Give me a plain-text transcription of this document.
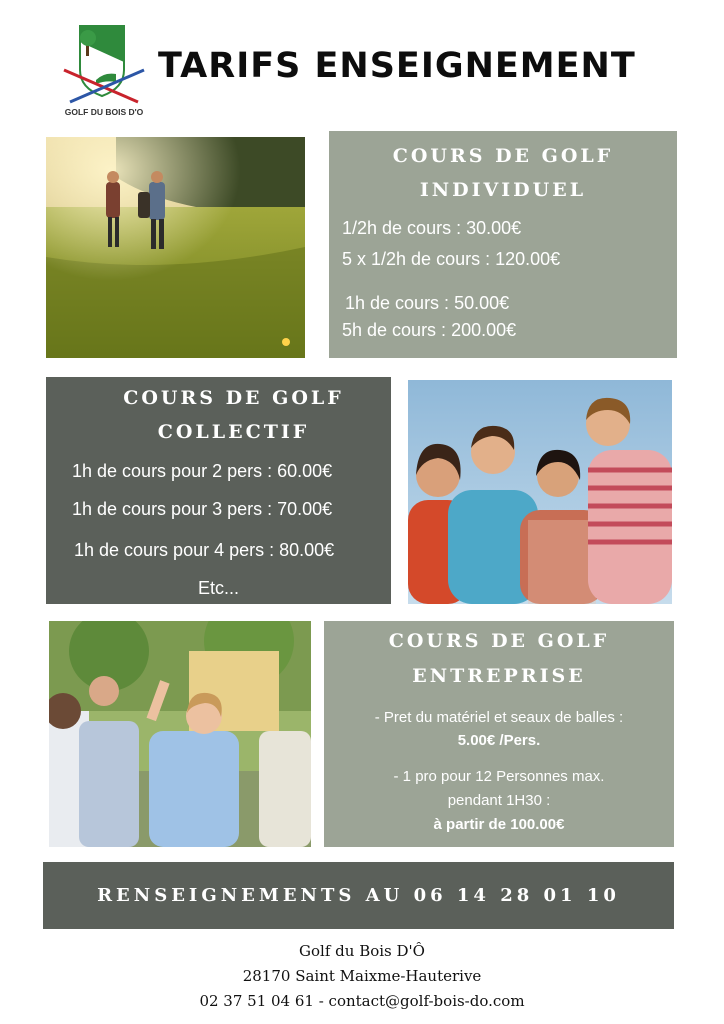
GOLF DU BOIS D'O
TARIFS ENSEIGNEMENT
COURS DE GOLF
INDIVIDUEL
1/2h de cours : 30.00€
5 x 1/2h de cours : 120.00€
1h de cours : 50.00€
5h de cours : 200.00€
COURS DE GOLF
COLLECTIF
1h de cours pour 2 pers : 60.00€
1h de cours pour 3 pers : 70.00€
1h de cours pour 4 pers : 80.00€
Etc...
COURS DE GOLF
ENTREPRISE
- Pret du matériel et seaux de balles :
5.00€ /Pers.
- 1 pro pour 12 Personnes max.
pendant 1H30 :
à partir de 100.00€
RENSEIGNEMENTS AU 06 14 28 01 10
Golf du Bois D'Ô
28170 Saint Maixme-Hauterive
02 37 51 04 61 - contact@golf-bois-do.com
